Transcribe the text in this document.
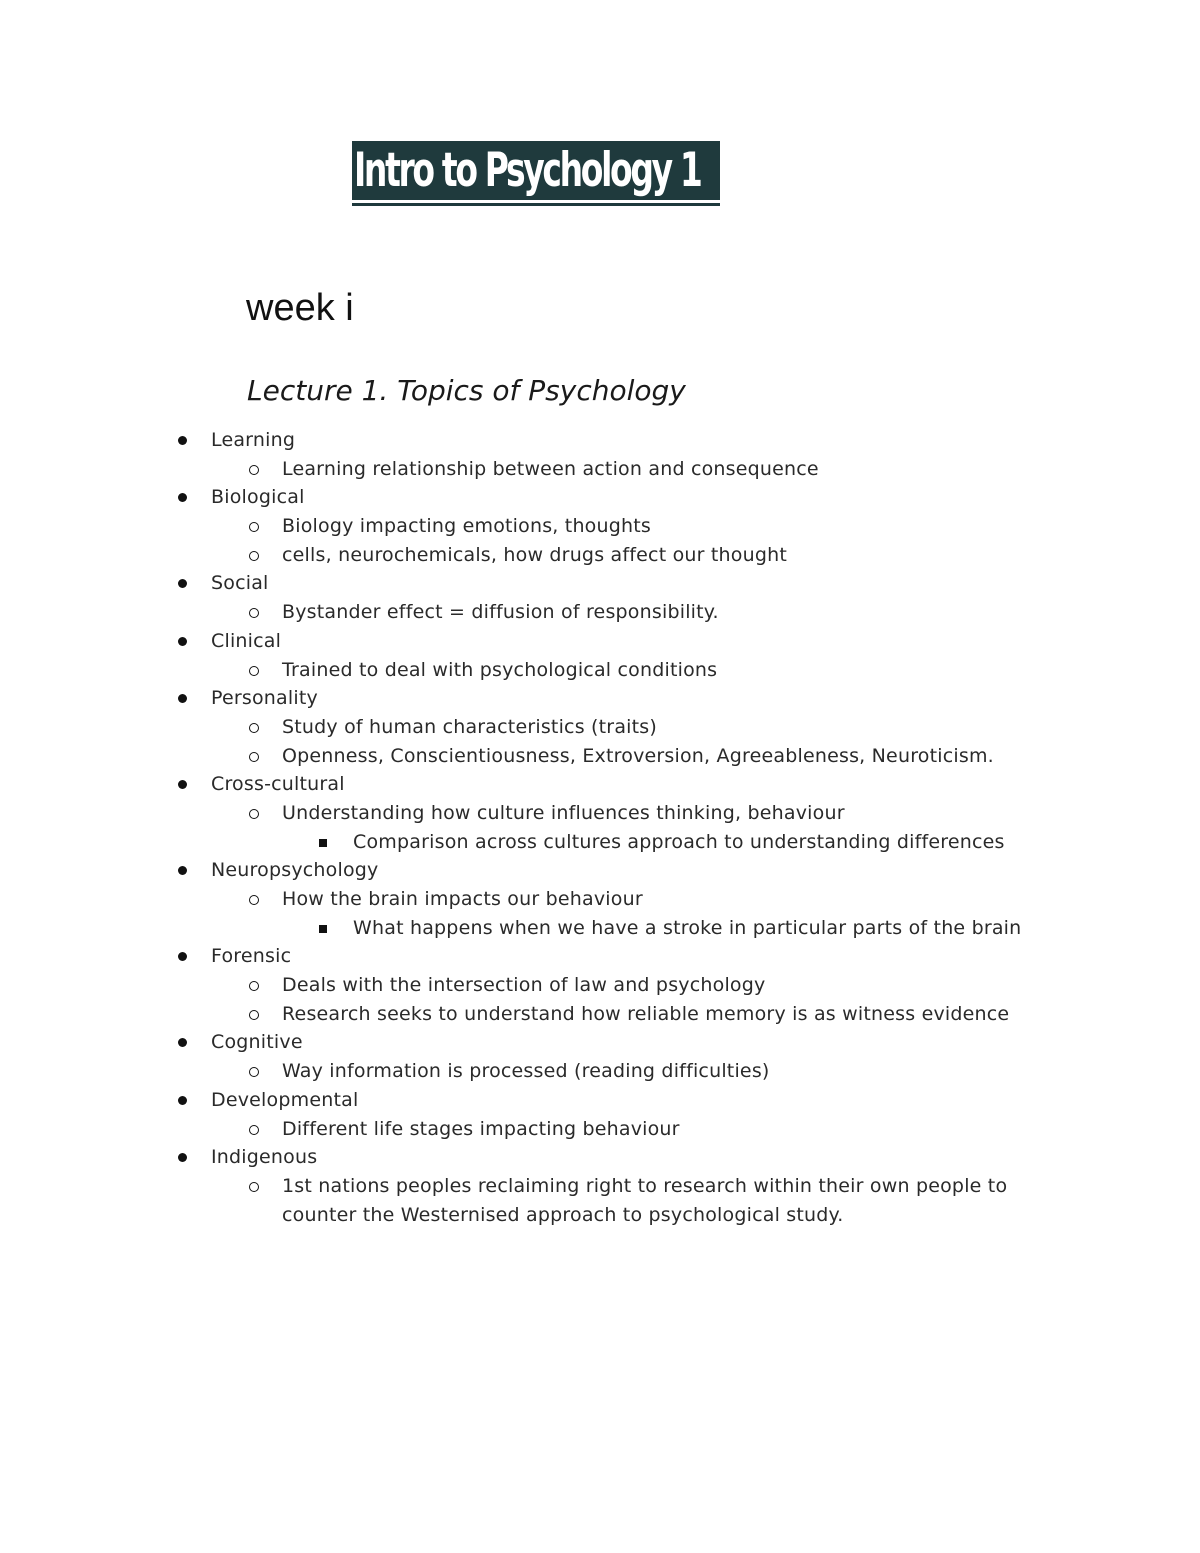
Intro to Psychology 1
week i
Lecture 1. Topics of Psychology
Learning
Learning relationship between action and consequence
Biological
Biology impacting emotions, thoughts
cells, neurochemicals, how drugs affect our thought
Social
Bystander effect = diffusion of responsibility.
Clinical
Trained to deal with psychological conditions
Personality
Study of human characteristics (traits)
Openness, Conscientiousness, Extroversion, Agreeableness, Neuroticism.
Cross-cultural
Understanding how culture influences thinking, behaviour
Comparison across cultures approach to understanding differences
Neuropsychology
How the brain impacts our behaviour
What happens when we have a stroke in particular parts of the brain
Forensic
Deals with the intersection of law and psychology
Research seeks to understand how reliable memory is as witness evidence
Cognitive
Way information is processed (reading difficulties)
Developmental
Different life stages impacting behaviour
Indigenous
1st nations peoples reclaiming right to research within their own people to
counter the Westernised approach to psychological study.
